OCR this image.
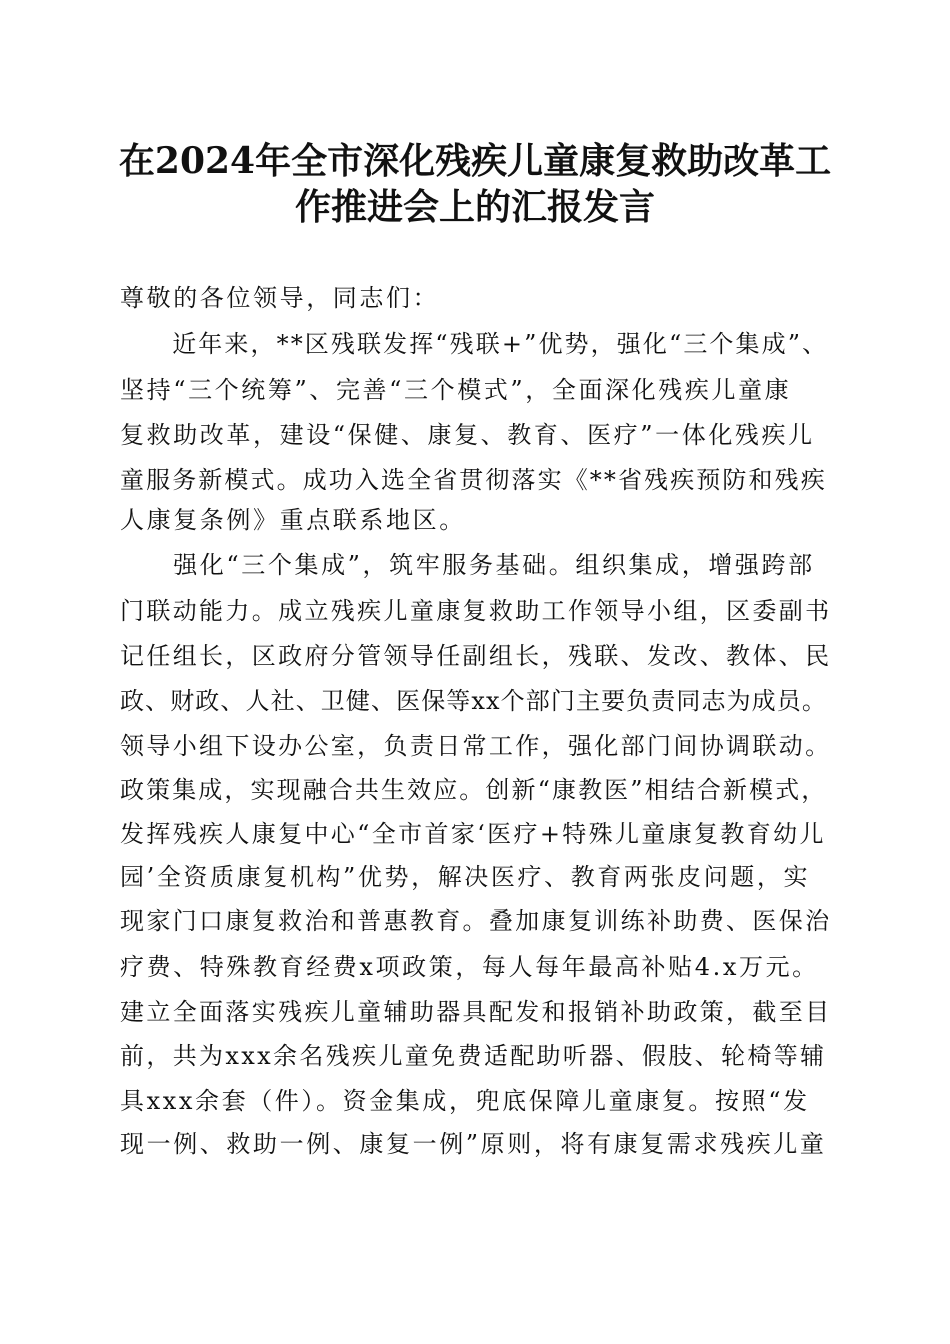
在2024年全市深化残疾儿童康复救助改革工
作推进会上的汇报发言
尊敬的各位领导，同志们：
　　近年来，**区残联发挥“残联+”优势，强化“三个集成”、
坚持“三个统筹”、完善“三个模式”，全面深化残疾儿童康
复救助改革，建设“保健、康复、教育、医疗”一体化残疾儿
童服务新模式。成功入选全省贯彻落实《**省残疾预防和残疾
人康复条例》重点联系地区。
　　强化“三个集成”，筑牢服务基础。组织集成，增强跨部
门联动能力。成立残疾儿童康复救助工作领导小组，区委副书
记任组长，区政府分管领导任副组长，残联、发改、教体、民
政、财政、人社、卫健、医保等xx个部门主要负责同志为成员。
领导小组下设办公室，负责日常工作，强化部门间协调联动。
政策集成，实现融合共生效应。创新“康教医”相结合新模式，
发挥残疾人康复中心“全市首家‘医疗+特殊儿童康复教育幼儿
园’全资质康复机构”优势，解决医疗、教育两张皮问题，实
现家门口康复救治和普惠教育。叠加康复训练补助费、医保治
疗费、特殊教育经费x项政策，每人每年最高补贴4.x万元。
建立全面落实残疾儿童辅助器具配发和报销补助政策，截至目
前，共为xxx余名残疾儿童免费适配助听器、假肢、轮椅等辅
具xxx余套（件）。资金集成，兜底保障儿童康复。按照“发
现一例、救助一例、康复一例”原则，将有康复需求残疾儿童
